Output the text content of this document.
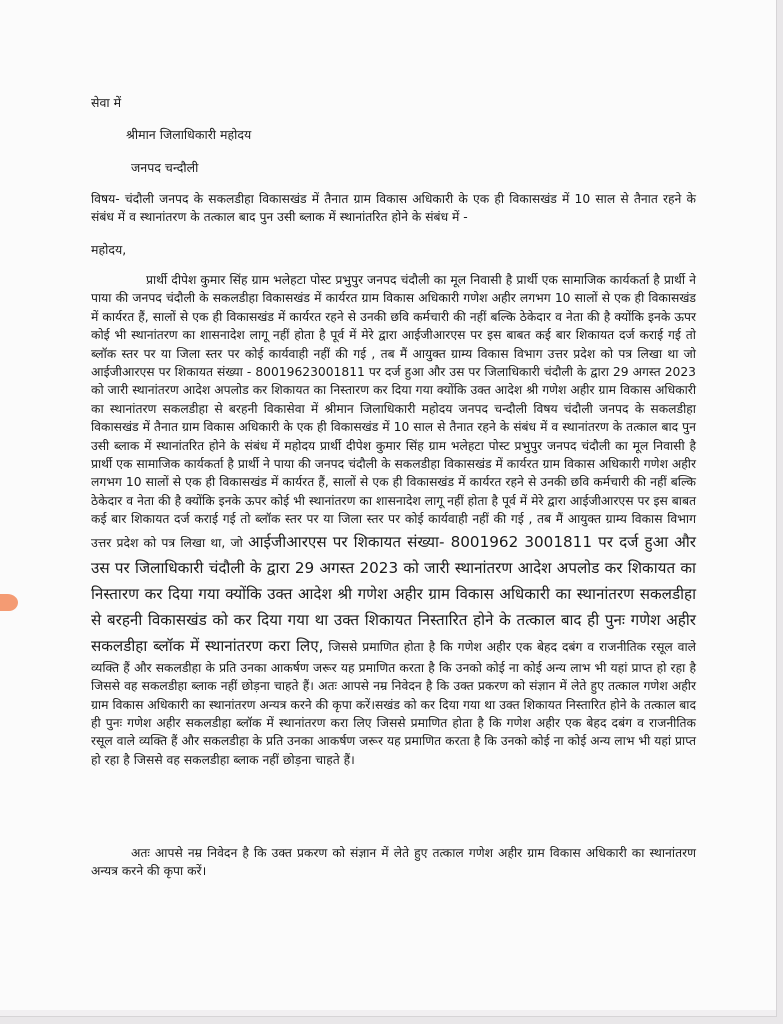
सेवा में
श्रीमान जिलाधिकारी महोदय
जनपद चन्दौली

विषय- चंदौली जनपद के सकलडीहा विकासखंड में तैनात ग्राम विकास अधिकारी के एक ही विकासखंड में 10 साल से तैनात रहने के संबंध में व स्थानांतरण के तत्काल बाद पुन उसी ब्लाक में स्थानांतरित होने के संबंध में -

महोदय,

प्रार्थी दीपेश कुमार सिंह ग्राम भलेहटा पोस्ट प्रभुपुर जनपद चंदौली का मूल निवासी है प्रार्थी एक सामाजिक कार्यकर्ता है प्रार्थी ने पाया की जनपद चंदौली के सकलडीहा विकासखंड में कार्यरत ग्राम विकास अधिकारी गणेश अहीर लगभग 10 सालों से एक ही विकासखंड में कार्यरत हैं, सालों से एक ही विकासखंड में कार्यरत रहने से उनकी छवि कर्मचारी की नहीं बल्कि ठेकेदार व नेता की है क्योंकि इनके ऊपर कोई भी स्थानांतरण का शासनादेश लागू नहीं होता है पूर्व में मेरे द्वारा आईजीआरएस पर इस बाबत कई बार शिकायत दर्ज कराई गई तो ब्लॉक स्तर पर या जिला स्तर पर कोई कार्यवाही नहीं की गई , तब मैं आयुक्त ग्राम्य विकास विभाग उत्तर प्रदेश को पत्र लिखा था जो आईजीआरएस पर शिकायत संख्या - 80019623001811 पर दर्ज हुआ और उस पर जिलाधिकारी चंदौली के द्वारा 29 अगस्त 2023 को जारी स्थानांतरण आदेश अपलोड कर शिकायत का निस्तारण कर दिया गया क्योंकि उक्त आदेश श्री गणेश अहीर ग्राम विकास अधिकारी का स्थानांतरण सकलडीहा से बरहनी विकासेवा में श्रीमान जिलाधिकारी महोदय जनपद चन्दौली विषय चंदौली जनपद के सकलडीहा विकासखंड में तैनात ग्राम विकास अधिकारी के एक ही विकासखंड में 10 साल से तैनात रहने के संबंध में व स्थानांतरण के तत्काल बाद पुन उसी ब्लाक में स्थानांतरित होने के संबंध में महोदय प्रार्थी दीपेश कुमार सिंह ग्राम भलेहटा पोस्ट प्रभुपुर जनपद चंदौली का मूल निवासी है प्रार्थी एक सामाजिक कार्यकर्ता है प्रार्थी ने पाया की जनपद चंदौली के सकलडीहा विकासखंड में कार्यरत ग्राम विकास अधिकारी गणेश अहीर लगभग 10 सालों से एक ही विकासखंड में कार्यरत हैं, सालों से एक ही विकासखंड में कार्यरत रहने से उनकी छवि कर्मचारी की नहीं बल्कि ठेकेदार व नेता की है क्योंकि इनके ऊपर कोई भी स्थानांतरण का शासनादेश लागू नहीं होता है पूर्व में मेरे द्वारा आईजीआरएस पर इस बाबत कई बार शिकायत दर्ज कराई गई तो ब्लॉक स्तर पर या जिला स्तर पर कोई कार्यवाही नहीं की गई , तब मैं आयुक्त ग्राम्य विकास विभाग उत्तर प्रदेश को पत्र लिखा था, जो आईजीआरएस पर शिकायत संख्या- 8001962 3001811 पर दर्ज हुआ और उस पर जिलाधिकारी चंदौली के द्वारा 29 अगस्त 2023 को जारी स्थानांतरण आदेश अपलोड कर शिकायत का निस्तारण कर दिया गया क्योंकि उक्त आदेश श्री गणेश अहीर ग्राम विकास अधिकारी का स्थानांतरण सकलडीहा से बरहनी विकासखंड को कर दिया गया था उक्त शिकायत निस्तारित होने के तत्काल बाद ही पुनः गणेश अहीर सकलडीहा ब्लॉक में स्थानांतरण करा लिए, जिससे प्रमाणित होता है कि गणेश अहीर एक बेहद दबंग व राजनीतिक रसूल वाले व्यक्ति हैं और सकलडीहा के प्रति उनका आकर्षण जरूर यह प्रमाणित करता है कि उनको कोई ना कोई अन्य लाभ भी यहां प्राप्त हो रहा है जिससे वह सकलडीहा ब्लाक नहीं छोड़ना चाहते हैं। अतः आपसे नम्र निवेदन है कि उक्त प्रकरण को संज्ञान में लेते हुए तत्काल गणेश अहीर ग्राम विकास अधिकारी का स्थानांतरण अन्यत्र करने की कृपा करें।सखंड को कर दिया गया था उक्त शिकायत निस्तारित होने के तत्काल बाद ही पुनः गणेश अहीर सकलडीहा ब्लॉक में स्थानांतरण करा लिए जिससे प्रमाणित होता है कि गणेश अहीर एक बेहद दबंग व राजनीतिक रसूल वाले व्यक्ति हैं और सकलडीहा के प्रति उनका आकर्षण जरूर यह प्रमाणित करता है कि उनको कोई ना कोई अन्य लाभ भी यहां प्राप्त हो रहा है जिससे वह सकलडीहा ब्लाक नहीं छोड़ना चाहते हैं।

अतः आपसे नम्र निवेदन है कि उक्त प्रकरण को संज्ञान में लेते हुए तत्काल गणेश अहीर ग्राम विकास अधिकारी का स्थानांतरण अन्यत्र करने की कृपा करें।
